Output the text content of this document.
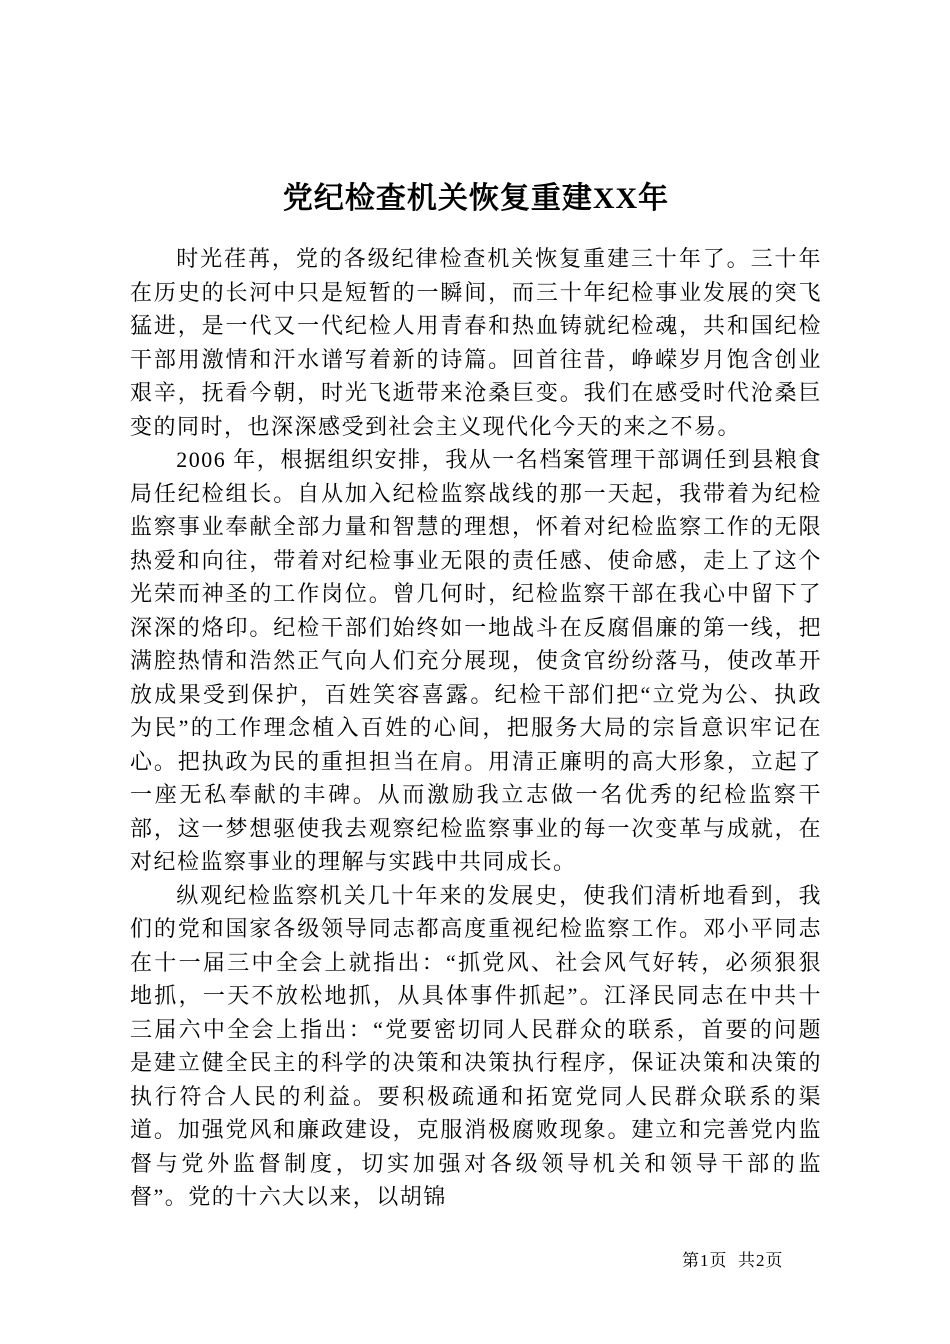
党纪检查机关恢复重建XX年

时光荏苒，党的各级纪律检查机关恢复重建三十年了。三十年在历史的长河中只是短暂的一瞬间，而三十年纪检事业发展的突飞猛进，是一代又一代纪检人用青春和热血铸就纪检魂，共和国纪检干部用激情和汗水谱写着新的诗篇。回首往昔，峥嵘岁月饱含创业艰辛，抚看今朝，时光飞逝带来沧桑巨变。我们在感受时代沧桑巨变的同时，也深深感受到社会主义现代化今天的来之不易。

2006 年，根据组织安排，我从一名档案管理干部调任到县粮食局任纪检组长。自从加入纪检监察战线的那一天起，我带着为纪检监察事业奉献全部力量和智慧的理想，怀着对纪检监察工作的无限热爱和向往，带着对纪检事业无限的责任感、使命感，走上了这个光荣而神圣的工作岗位。曾几何时，纪检监察干部在我心中留下了深深的烙印。纪检干部们始终如一地战斗在反腐倡廉的第一线，把满腔热情和浩然正气向人们充分展现，使贪官纷纷落马，使改革开放成果受到保护，百姓笑容喜露。纪检干部们把“立党为公、执政为民”的工作理念植入百姓的心间，把服务大局的宗旨意识牢记在心。把执政为民的重担担当在肩。用清正廉明的高大形象，立起了一座无私奉献的丰碑。从而激励我立志做一名优秀的纪检监察干部，这一梦想驱使我去观察纪检监察事业的每一次变革与成就，在对纪检监察事业的理解与实践中共同成长。

纵观纪检监察机关几十年来的发展史，使我们清析地看到，我们的党和国家各级领导同志都高度重视纪检监察工作。邓小平同志在十一届三中全会上就指出：“抓党风、社会风气好转，必须狠狠地抓，一天不放松地抓，从具体事件抓起”。江泽民同志在中共十三届六中全会上指出：“党要密切同人民群众的联系，首要的问题是建立健全民主的科学的决策和决策执行程序，保证决策和决策的执行符合人民的利益。要积极疏通和拓宽党同人民群众联系的渠道。加强党风和廉政建设，克服消极腐败现象。建立和完善党内监督与党外监督制度，切实加强对各级领导机关和领导干部的监督”。党的十六大以来，以胡锦

第1页  共2页
